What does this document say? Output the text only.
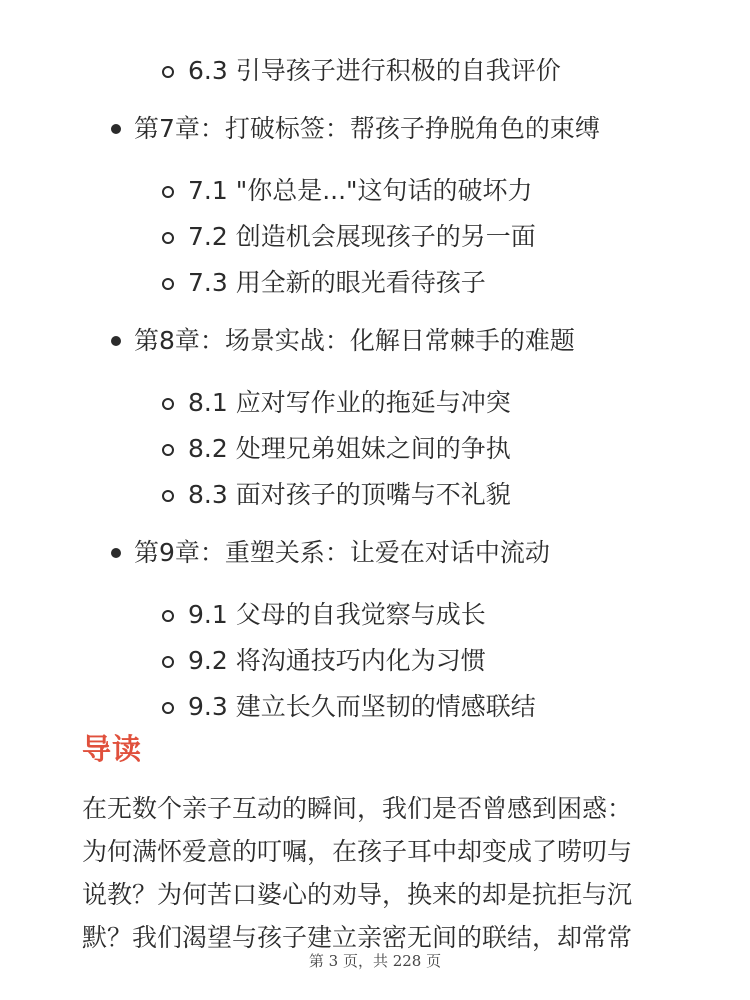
6.3 引导孩子进行积极的自我评价
第7章：打破标签：帮孩子挣脱角色的束缚
7.1 "你总是..."这句话的破坏力
7.2 创造机会展现孩子的另一面
7.3 用全新的眼光看待孩子
第8章：场景实战：化解日常棘手的难题
8.1 应对写作业的拖延与冲突
8.2 处理兄弟姐妹之间的争执
8.3 面对孩子的顶嘴与不礼貌
第9章：重塑关系：让爱在对话中流动
9.1 父母的自我觉察与成长
9.2 将沟通技巧内化为习惯
9.3 建立长久而坚韧的情感联结
导读

在无数个亲子互动的瞬间，我们是否曾感到困惑：
为何满怀爱意的叮嘱，在孩子耳中却变成了唠叨与
说教？为何苦口婆心的劝导，换来的却是抗拒与沉
默？我们渴望与孩子建立亲密无间的联结，却常常

第 3 页，共 228 页
